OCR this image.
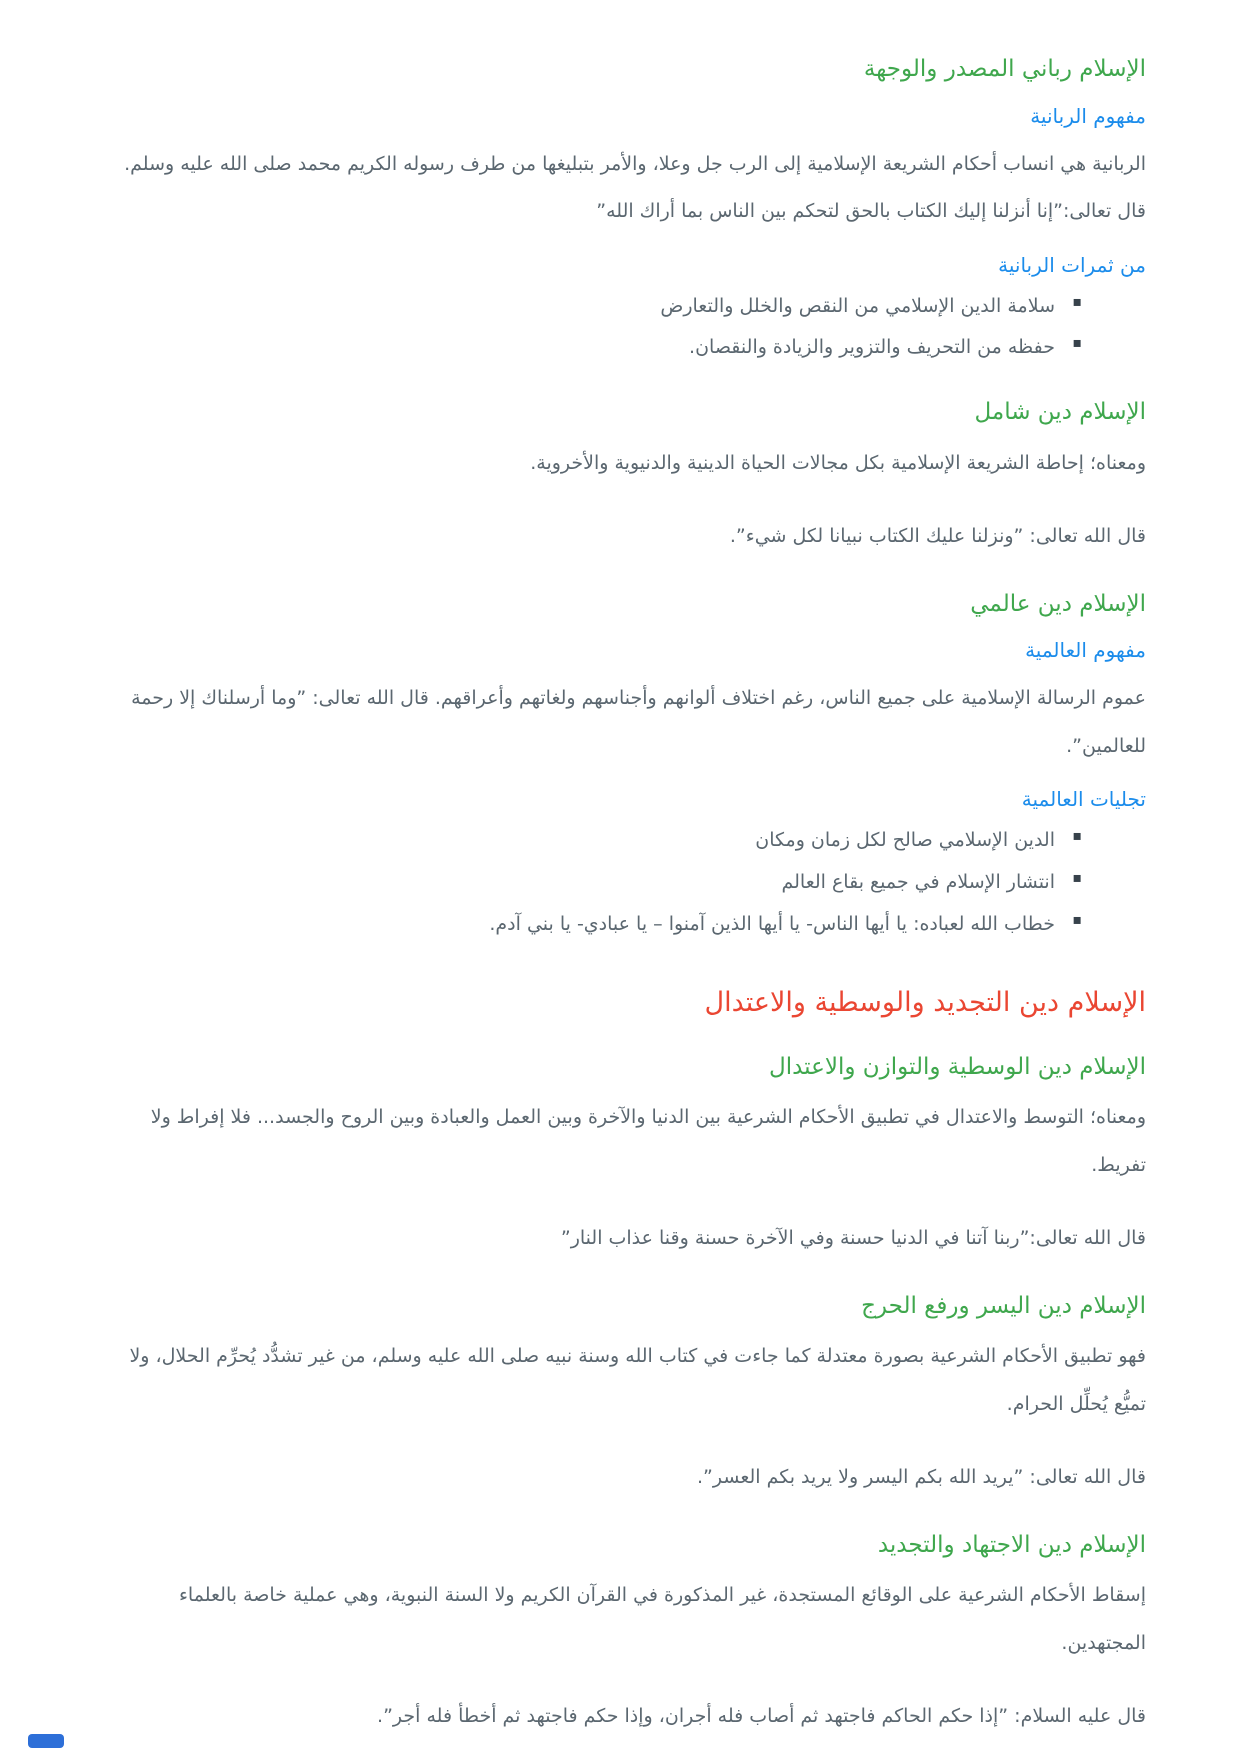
الإسلام رباني المصدر والوجهة
مفهوم الربانية

الربانية هي انساب أحكام الشريعة الإسلامية إلى الرب جل وعلا، والأمر بتبليغها من طرف رسوله الكريم محمد صلى الله عليه وسلم. قال تعالى:”إنا أنزلنا إليك الكتاب بالحق لتحكم بين الناس بما أراك الله”

من ثمرات الربانية
▪ سلامة الدين الإسلامي من النقص والخلل والتعارض
▪ حفظه من التحريف والتزوير والزيادة والنقصان.
الإسلام دين شامل

ومعناه؛ إحاطة الشريعة الإسلامية بكل مجالات الحياة الدينية والدنيوية والأخروية.

قال الله تعالى: ”ونزلنا عليك الكتاب نبيانا لكل شيء”.

الإسلام دين عالمي
مفهوم العالمية

عموم الرسالة الإسلامية على جميع الناس، رغم اختلاف ألوانهم وأجناسهم ولغاتهم وأعراقهم. قال الله تعالى: ”وما أرسلناك إلا رحمة للعالمين”.

تجليات العالمية
▪ الدين الإسلامي صالح لكل زمان ومكان
▪ انتشار الإسلام في جميع بقاع العالم
▪ خطاب الله لعباده: يا أيها الناس- يا أيها الذين آمنوا – يا عبادي- يا بني آدم.
الإسلام دين التجديد والوسطية والاعتدال
الإسلام دين الوسطية والتوازن والاعتدال

ومعناه؛ التوسط والاعتدال في تطبيق الأحكام الشرعية بين الدنيا والآخرة وبين العمل والعبادة وبين الروح والجسد... فلا إفراط ولا تفريط.

قال الله تعالى:”ربنا آتنا في الدنيا حسنة وفي الآخرة حسنة وقنا عذاب النار”

الإسلام دين اليسر ورفع الحرج

فهو تطبيق الأحكام الشرعية بصورة معتدلة كما جاءت في كتاب الله وسنة نبيه صلى الله عليه وسلم، من غير تشدُّد يُحرِّم الحلال، ولا تميُّع يُحلِّل الحرام.

قال الله تعالى: ”يريد الله بكم اليسر ولا يريد بكم العسر”.

الإسلام دين الاجتهاد والتجديد

إسقاط الأحكام الشرعية على الوقائع المستجدة، غير المذكورة في القرآن الكريم ولا السنة النبوية، وهي عملية خاصة بالعلماء المجتهدين.

قال عليه السلام: ”إذا حكم الحاكم فاجتهد ثم أصاب فله أجران، وإذا حكم فاجتهد ثم أخطأ فله أجر”.
